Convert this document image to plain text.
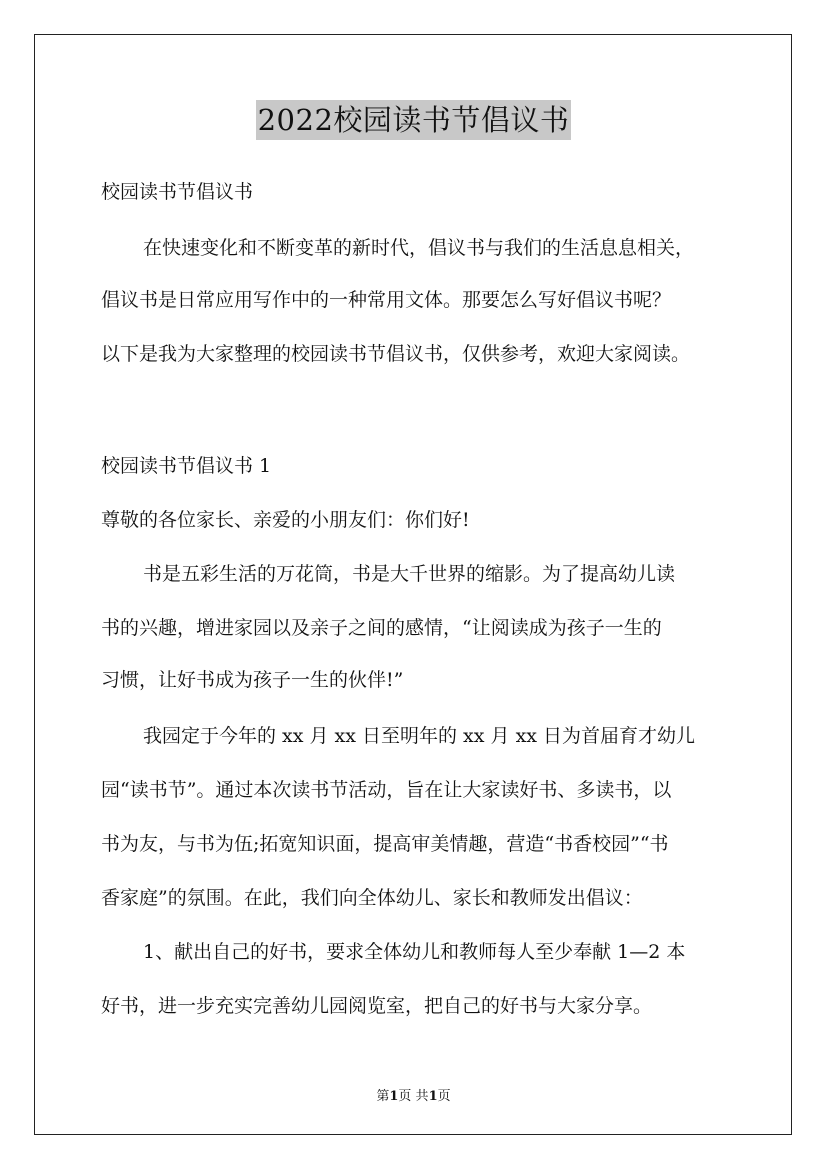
2022校园读书节倡议书
校园读书节倡议书
在快速变化和不断变革的新时代，倡议书与我们的生活息息相关，
倡议书是日常应用写作中的一种常用文体。那要怎么写好倡议书呢？
以下是我为大家整理的校园读书节倡议书，仅供参考，欢迎大家阅读。
校园读书节倡议书 1
尊敬的各位家长、亲爱的小朋友们：你们好!
书是五彩生活的万花筒，书是大千世界的缩影。为了提高幼儿读
书的兴趣，增进家园以及亲子之间的感情，“让阅读成为孩子一生的
习惯，让好书成为孩子一生的伙伴!”
我园定于今年的 xx 月 xx 日至明年的 xx 月 xx 日为首届育才幼儿
园“读书节”。通过本次读书节活动，旨在让大家读好书、多读书，以
书为友，与书为伍;拓宽知识面，提高审美情趣，营造“书香校园”“书
香家庭”的氛围。在此，我们向全体幼儿、家长和教师发出倡议：
1、献出自己的好书，要求全体幼儿和教师每人至少奉献 1—2 本
好书，进一步充实完善幼儿园阅览室，把自己的好书与大家分享。
第1页 共1页
